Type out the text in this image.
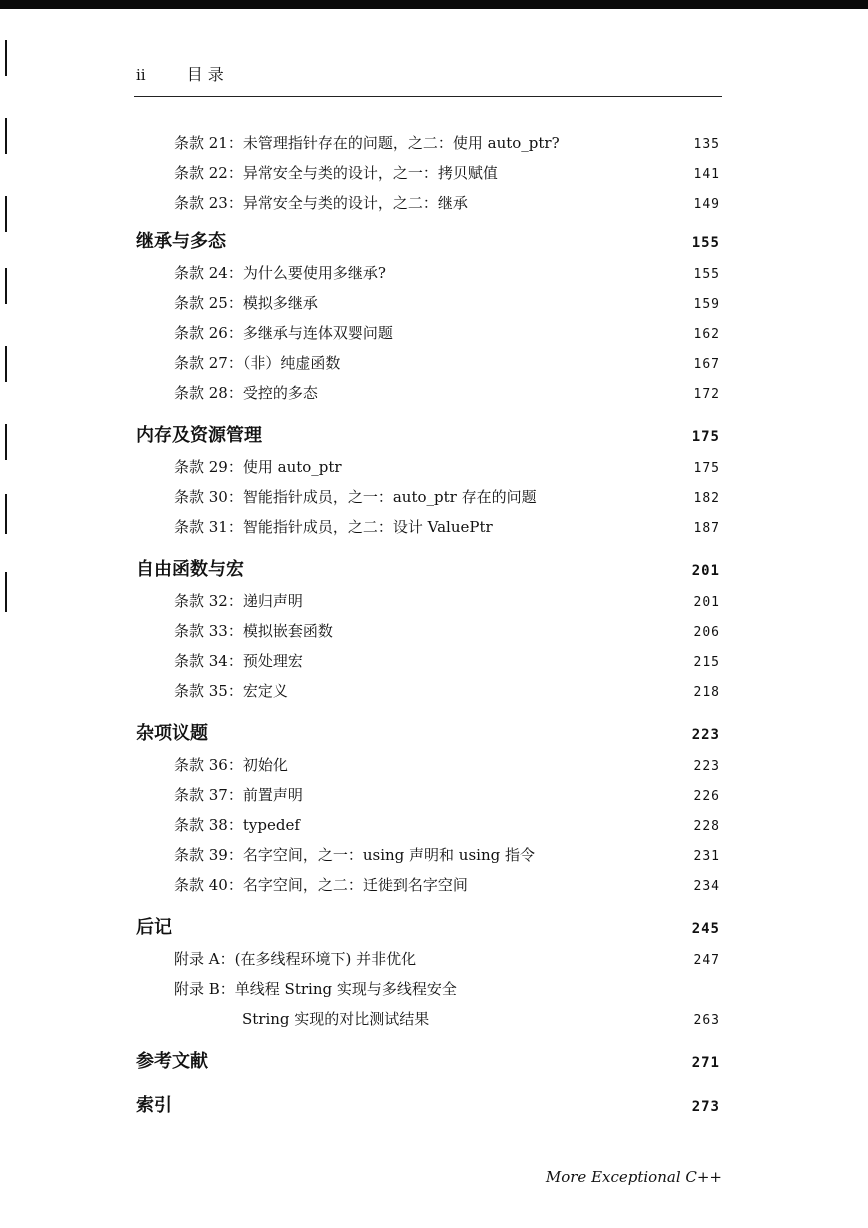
ii	目 录
条款 21：未管理指针存在的问题，之二：使用 auto_ptr?	135
条款 22：异常安全与类的设计，之一：拷贝赋值	141
条款 23：异常安全与类的设计，之二：继承	149
继承与多态	155
条款 24：为什么要使用多继承?	155
条款 25：模拟多继承	159
条款 26：多继承与连体双婴问题	162
条款 27：（非）纯虚函数	167
条款 28：受控的多态	172
内存及资源管理	175
条款 29：使用 auto_ptr	175
条款 30：智能指针成员，之一：auto_ptr 存在的问题	182
条款 31：智能指针成员，之二：设计 ValuePtr	187
自由函数与宏	201
条款 32：递归声明	201
条款 33：模拟嵌套函数	206
条款 34：预处理宏	215
条款 35：宏定义	218
杂项议题	223
条款 36：初始化	223
条款 37：前置声明	226
条款 38：typedef	228
条款 39：名字空间，之一：using 声明和 using 指令	231
条款 40：名字空间，之二：迁徙到名字空间	234
后记	245
附录 A：(在多线程环境下) 并非优化	247
附录 B：单线程 String 实现与多线程安全
String 实现的对比测试结果	263
参考文献	271
索引	273
More Exceptional C++
